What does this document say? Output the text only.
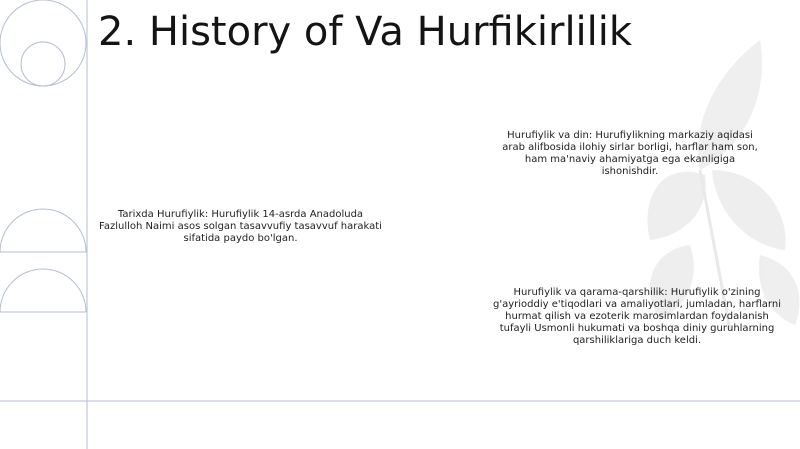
2. History of Va Hurfikirlilik
Hurufiylik va din: Hurufiylikning markaziy aqidasi arab alifbosida ilohiy sirlar borligi, harflar ham son, ham ma'naviy ahamiyatga ega ekanligiga ishonishdir.
Tarixda Hurufiylik: Hurufiylik 14-asrda Anadoluda Fazlulloh Naimi asos solgan tasavvufiy tasavvuf harakati sifatida paydo bo'lgan.
Hurufiylik va qarama-qarshilik: Hurufiylik o'zining g'ayrioddiy e'tiqodlari va amaliyotlari, jumladan, harflarni hurmat qilish va ezoterik marosimlardan foydalanish tufayli Usmonli hukumati va boshqa diniy guruhlarning qarshiliklariga duch keldi.
